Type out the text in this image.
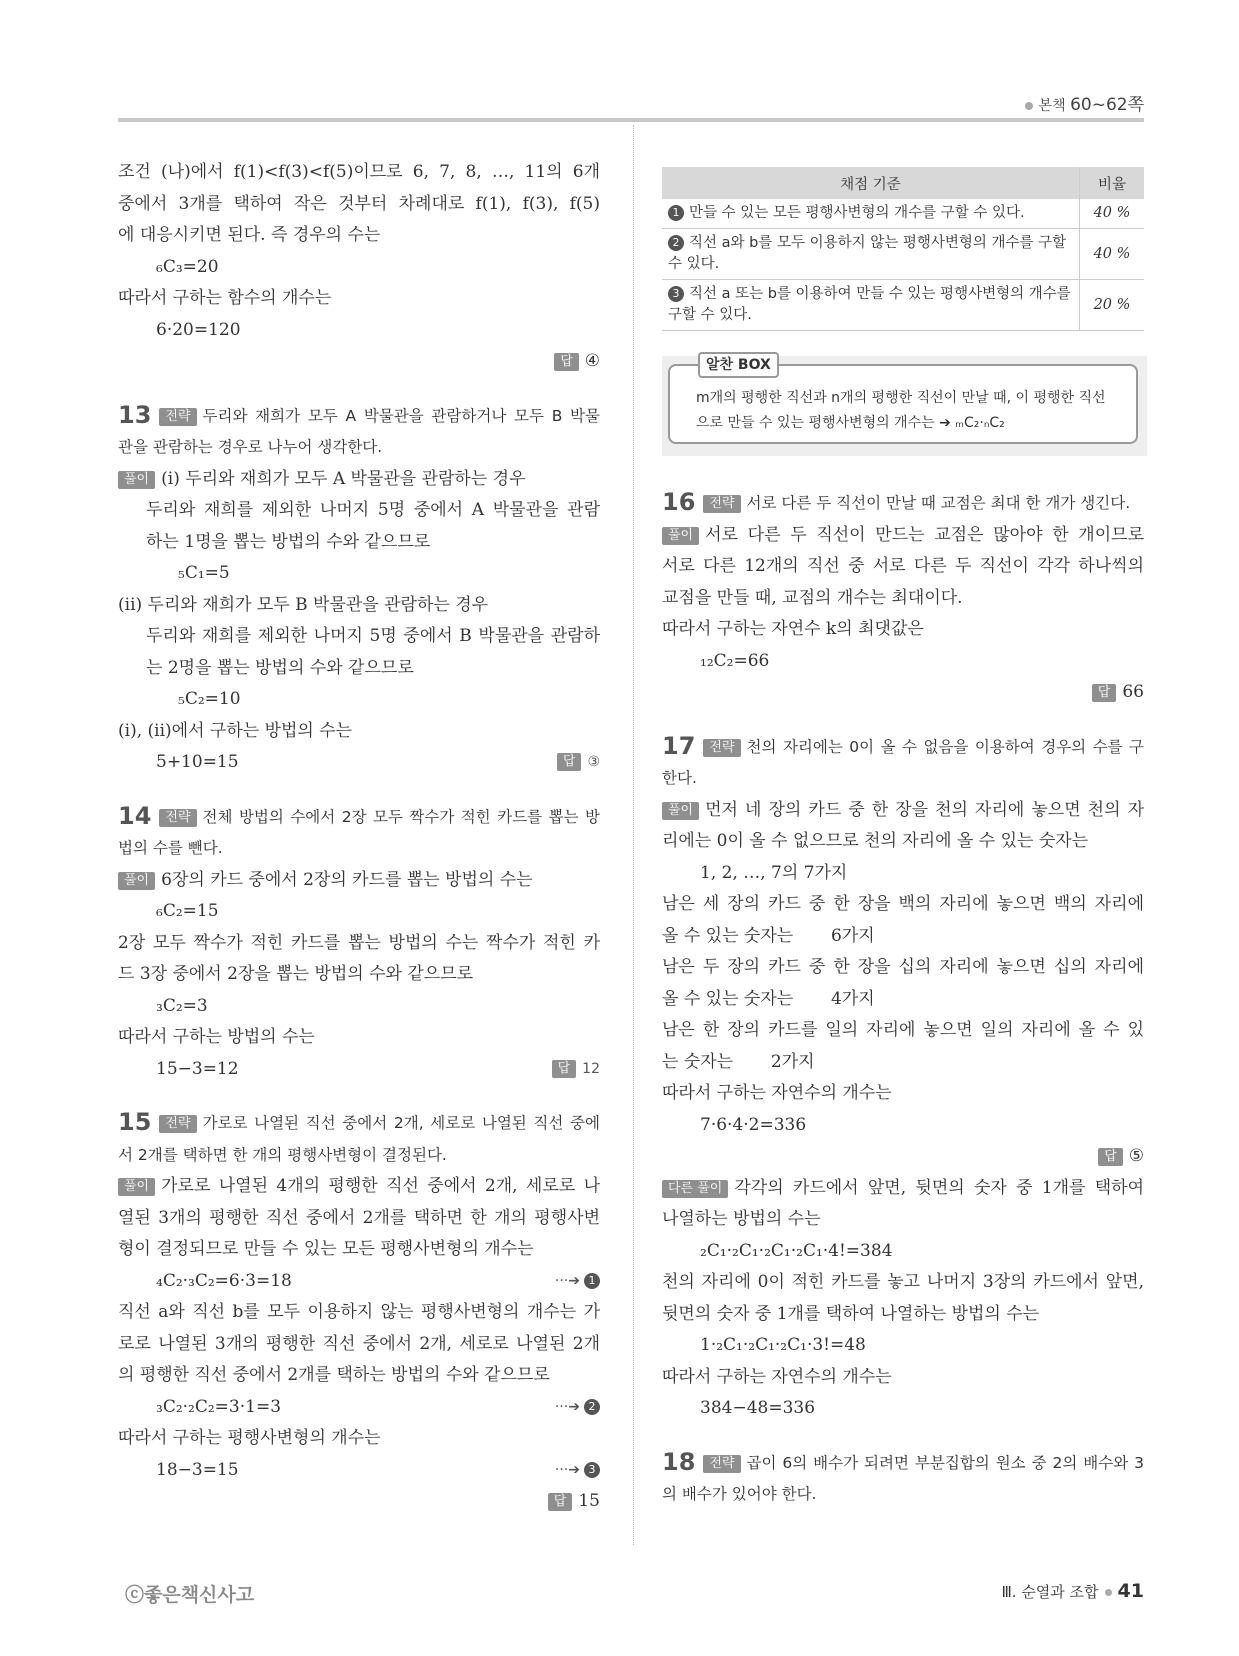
본책 60~62쪽
조건 (나)에서 f(1)<f(3)<f(5)이므로 6, 7, 8, …, 11의 6개
중에서 3개를 택하여 작은 것부터 차례대로 f(1), f(3), f(5)
에 대응시키면 된다. 즉 경우의 수는
₆C₃=20
따라서 구하는 함수의 개수는
6·20=120
답 ④
13 전략 두리와 재희가 모두 A 박물관을 관람하거나 모두 B 박물
관을 관람하는 경우로 나누어 생각한다.
풀이 (i) 두리와 재희가 모두 A 박물관을 관람하는 경우
두리와 재희를 제외한 나머지 5명 중에서 A 박물관을 관람
하는 1명을 뽑는 방법의 수와 같으므로
₅C₁=5
(ii) 두리와 재희가 모두 B 박물관을 관람하는 경우
두리와 재희를 제외한 나머지 5명 중에서 B 박물관을 관람하
는 2명을 뽑는 방법의 수와 같으므로
₅C₂=10
(i), (ii)에서 구하는 방법의 수는
5+10=15	답 ③
14 전략 전체 방법의 수에서 2장 모두 짝수가 적힌 카드를 뽑는 방
법의 수를 뺀다.
풀이 6장의 카드 중에서 2장의 카드를 뽑는 방법의 수는
₆C₂=15
2장 모두 짝수가 적힌 카드를 뽑는 방법의 수는 짝수가 적힌 카
드 3장 중에서 2장을 뽑는 방법의 수와 같으므로
₃C₂=3
따라서 구하는 방법의 수는
15−3=12	답 12
15 전략 가로로 나열된 직선 중에서 2개, 세로로 나열된 직선 중에
서 2개를 택하면 한 개의 평행사변형이 결정된다.
풀이 가로로 나열된 4개의 평행한 직선 중에서 2개, 세로로 나
열된 3개의 평행한 직선 중에서 2개를 택하면 한 개의 평행사변
형이 결정되므로 만들 수 있는 모든 평행사변형의 개수는
₄C₂·₃C₂=6·3=18	···➔ 1
직선 a와 직선 b를 모두 이용하지 않는 평행사변형의 개수는 가
로로 나열된 3개의 평행한 직선 중에서 2개, 세로로 나열된 2개
의 평행한 직선 중에서 2개를 택하는 방법의 수와 같으므로
₃C₂·₂C₂=3·1=3	···➔ 2
따라서 구하는 평행사변형의 개수는
18−3=15	···➔ 3
답 15
채점 기준	비율
1 만들 수 있는 모든 평행사변형의 개수를 구할 수 있다.	40 %
2 직선 a와 b를 모두 이용하지 않는 평행사변형의 개수를 구할 수 있다.	40 %
3 직선 a 또는 b를 이용하여 만들 수 있는 평행사변형의 개수를 구할 수 있다.	20 %
알찬 BOX
m개의 평행한 직선과 n개의 평행한 직선이 만날 때, 이 평행한 직선
으로 만들 수 있는 평행사변형의 개수는 ➔ ₘC₂·ₙC₂
16 전략 서로 다른 두 직선이 만날 때 교점은 최대 한 개가 생긴다.
풀이 서로 다른 두 직선이 만드는 교점은 많아야 한 개이므로
서로 다른 12개의 직선 중 서로 다른 두 직선이 각각 하나씩의
교점을 만들 때, 교점의 개수는 최대이다.
따라서 구하는 자연수 k의 최댓값은
₁₂C₂=66
답 66
17 전략 천의 자리에는 0이 올 수 없음을 이용하여 경우의 수를 구
한다.
풀이 먼저 네 장의 카드 중 한 장을 천의 자리에 놓으면 천의 자
리에는 0이 올 수 없으므로 천의 자리에 올 수 있는 숫자는
1, 2, …, 7의 7가지
남은 세 장의 카드 중 한 장을 백의 자리에 놓으면 백의 자리에
올 수 있는 숫자는       6가지
남은 두 장의 카드 중 한 장을 십의 자리에 놓으면 십의 자리에
올 수 있는 숫자는       4가지
남은 한 장의 카드를 일의 자리에 놓으면 일의 자리에 올 수 있
는 숫자는       2가지
따라서 구하는 자연수의 개수는
7·6·4·2=336
답 ⑤
다른 풀이 각각의 카드에서 앞면, 뒷면의 숫자 중 1개를 택하여
나열하는 방법의 수는
₂C₁·₂C₁·₂C₁·₂C₁·4!=384
천의 자리에 0이 적힌 카드를 놓고 나머지 3장의 카드에서 앞면,
뒷면의 숫자 중 1개를 택하여 나열하는 방법의 수는
1·₂C₁·₂C₁·₂C₁·3!=48
따라서 구하는 자연수의 개수는
384−48=336
18 전략 곱이 6의 배수가 되려면 부분집합의 원소 중 2의 배수와 3
의 배수가 있어야 한다.
ⓒ좋은책신사고	Ⅲ. 순열과 조합 41
